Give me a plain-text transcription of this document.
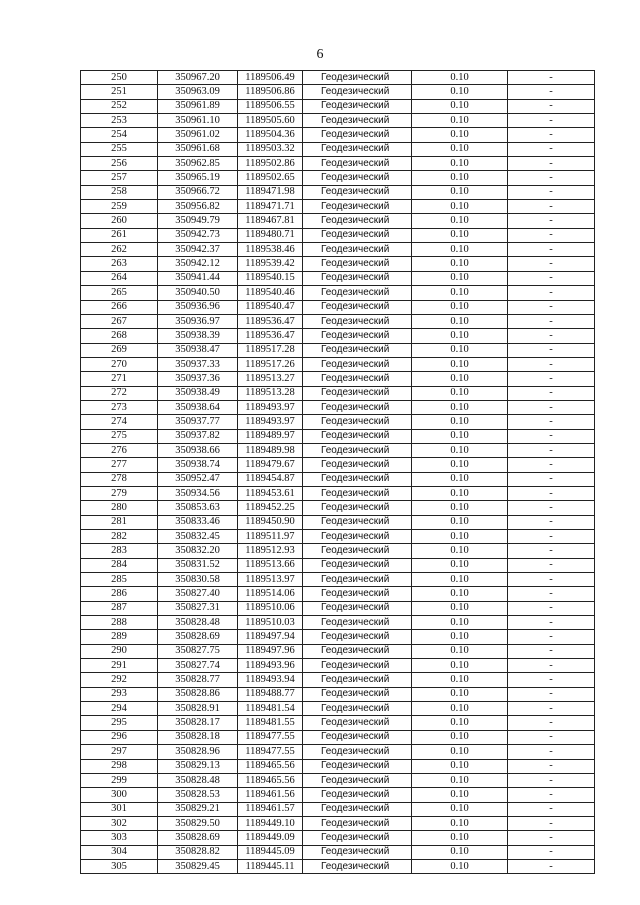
6
250	350967.20	1189506.49	Геодезический	0.10	-
251	350963.09	1189506.86	Геодезический	0.10	-
252	350961.89	1189506.55	Геодезический	0.10	-
253	350961.10	1189505.60	Геодезический	0.10	-
254	350961.02	1189504.36	Геодезический	0.10	-
255	350961.68	1189503.32	Геодезический	0.10	-
256	350962.85	1189502.86	Геодезический	0.10	-
257	350965.19	1189502.65	Геодезический	0.10	-
258	350966.72	1189471.98	Геодезический	0.10	-
259	350956.82	1189471.71	Геодезический	0.10	-
260	350949.79	1189467.81	Геодезический	0.10	-
261	350942.73	1189480.71	Геодезический	0.10	-
262	350942.37	1189538.46	Геодезический	0.10	-
263	350942.12	1189539.42	Геодезический	0.10	-
264	350941.44	1189540.15	Геодезический	0.10	-
265	350940.50	1189540.46	Геодезический	0.10	-
266	350936.96	1189540.47	Геодезический	0.10	-
267	350936.97	1189536.47	Геодезический	0.10	-
268	350938.39	1189536.47	Геодезический	0.10	-
269	350938.47	1189517.28	Геодезический	0.10	-
270	350937.33	1189517.26	Геодезический	0.10	-
271	350937.36	1189513.27	Геодезический	0.10	-
272	350938.49	1189513.28	Геодезический	0.10	-
273	350938.64	1189493.97	Геодезический	0.10	-
274	350937.77	1189493.97	Геодезический	0.10	-
275	350937.82	1189489.97	Геодезический	0.10	-
276	350938.66	1189489.98	Геодезический	0.10	-
277	350938.74	1189479.67	Геодезический	0.10	-
278	350952.47	1189454.87	Геодезический	0.10	-
279	350934.56	1189453.61	Геодезический	0.10	-
280	350853.63	1189452.25	Геодезический	0.10	-
281	350833.46	1189450.90	Геодезический	0.10	-
282	350832.45	1189511.97	Геодезический	0.10	-
283	350832.20	1189512.93	Геодезический	0.10	-
284	350831.52	1189513.66	Геодезический	0.10	-
285	350830.58	1189513.97	Геодезический	0.10	-
286	350827.40	1189514.06	Геодезический	0.10	-
287	350827.31	1189510.06	Геодезический	0.10	-
288	350828.48	1189510.03	Геодезический	0.10	-
289	350828.69	1189497.94	Геодезический	0.10	-
290	350827.75	1189497.96	Геодезический	0.10	-
291	350827.74	1189493.96	Геодезический	0.10	-
292	350828.77	1189493.94	Геодезический	0.10	-
293	350828.86	1189488.77	Геодезический	0.10	-
294	350828.91	1189481.54	Геодезический	0.10	-
295	350828.17	1189481.55	Геодезический	0.10	-
296	350828.18	1189477.55	Геодезический	0.10	-
297	350828.96	1189477.55	Геодезический	0.10	-
298	350829.13	1189465.56	Геодезический	0.10	-
299	350828.48	1189465.56	Геодезический	0.10	-
300	350828.53	1189461.56	Геодезический	0.10	-
301	350829.21	1189461.57	Геодезический	0.10	-
302	350829.50	1189449.10	Геодезический	0.10	-
303	350828.69	1189449.09	Геодезический	0.10	-
304	350828.82	1189445.09	Геодезический	0.10	-
305	350829.45	1189445.11	Геодезический	0.10	-
